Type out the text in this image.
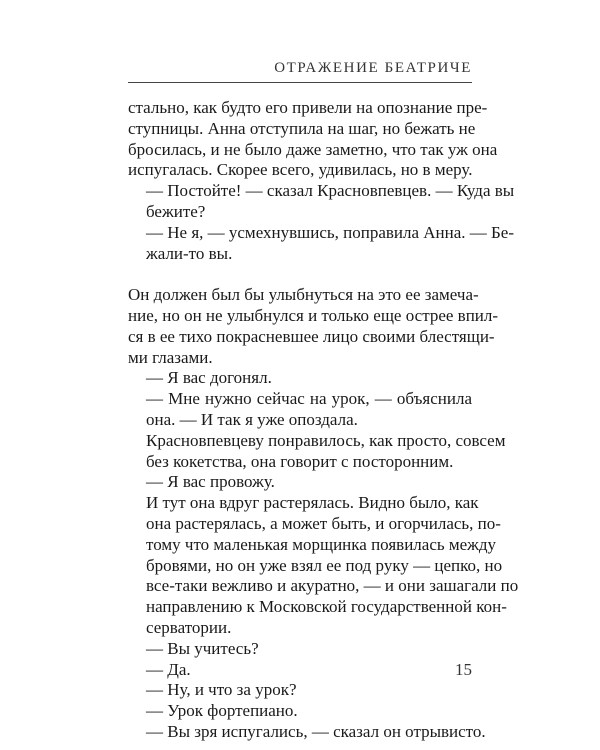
ОТРАЖЕНИЕ БЕАТРИЧЕ

стально, как будто его привели на опознание пре-
ступницы. Анна отступила на шаг, но бежать не
бросилась, и не было даже заметно, что так уж она
испугалась. Скорее всего, удивилась, но в меру.

— Постойте! — сказал Красновпевцев. — Куда вы
бежите?

— Не я, — усмехнувшись, поправила Анна. — Бе-
жали-то вы.

Он должен был бы улыбнуться на это ее замеча-
ние, но он не улыбнулся и только еще острее впил-
ся в ее тихо покрасневшее лицо своими блестящи-
ми глазами.

— Я вас догонял.

— Мне нужно сейчас на урок, — объяснила
она. — И так я уже опоздала.

Красновпевцеву понравилось, как просто, совсем
без кокетства, она говорит с посторонним.

— Я вас провожу.

И тут она вдруг растерялась. Видно было, как
она растерялась, а может быть, и огорчилась, по-
тому что маленькая морщинка появилась между
бровями, но он уже взял ее под руку — цепко, но
все-таки вежливо и акуратно, — и они зашагали по
направлению к Московской государственной кон-
серватории.

— Вы учитесь?

— Да.

— Ну, и что за урок?

— Урок фортепиано.

— Вы зря испугались, — сказал он отрывисто.

15
